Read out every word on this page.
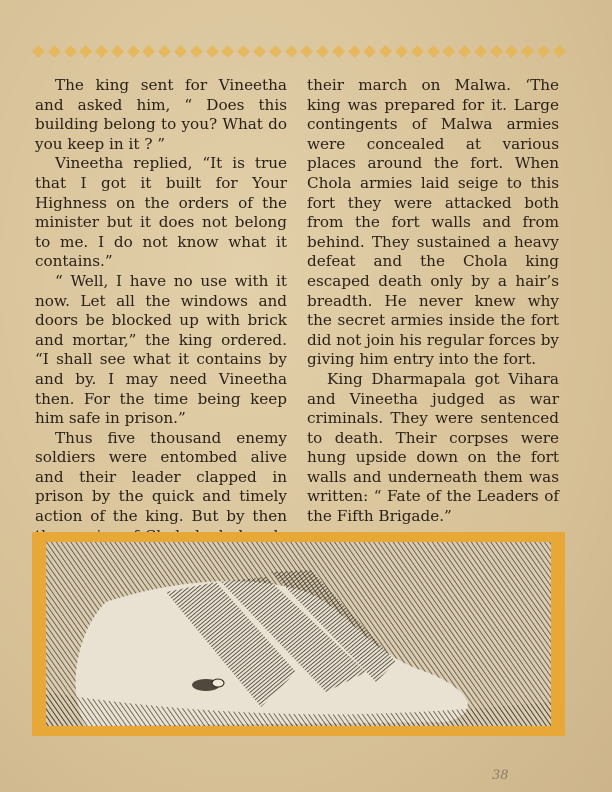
The king sent for Vineetha and asked him, “ Does this building belong to you? What do you keep in it ? ”

Vineetha replied, “It is true that I got it built for Your Highness on the orders of the minister but it does not belong to me. I do not know what it contains.”

“ Well, I have no use with it now. Let all the windows and doors be blocked up with brick and mortar,” the king ordered. “I shall see what it contains by and by. I may need Vineetha then. For the time being keep him safe in prison.”

Thus five thousand enemy soldiers were entombed alive and their leader clapped in prison by the quick and timely action of the king. But by then

their march on Malwa. ‘The king was prepared for it. Large contingents of Malwa armies were concealed at various places around the fort. When Chola armies laid seige to this fort they were attacked both from the fort walls and from behind. They sustained a heavy defeat and the Chola king escaped death only by a hair’s breadth. He never knew why the secret armies inside the fort did not join his regular forces by giving him entry into the fort.

King Dharmapala got Vihara and Vineetha judged as war criminals. They were sentenced to death. Their corpses were hung upside down on the fort walls and underneath them was written: “ Fate of the Leaders of the Fifth Brigade.”

38
